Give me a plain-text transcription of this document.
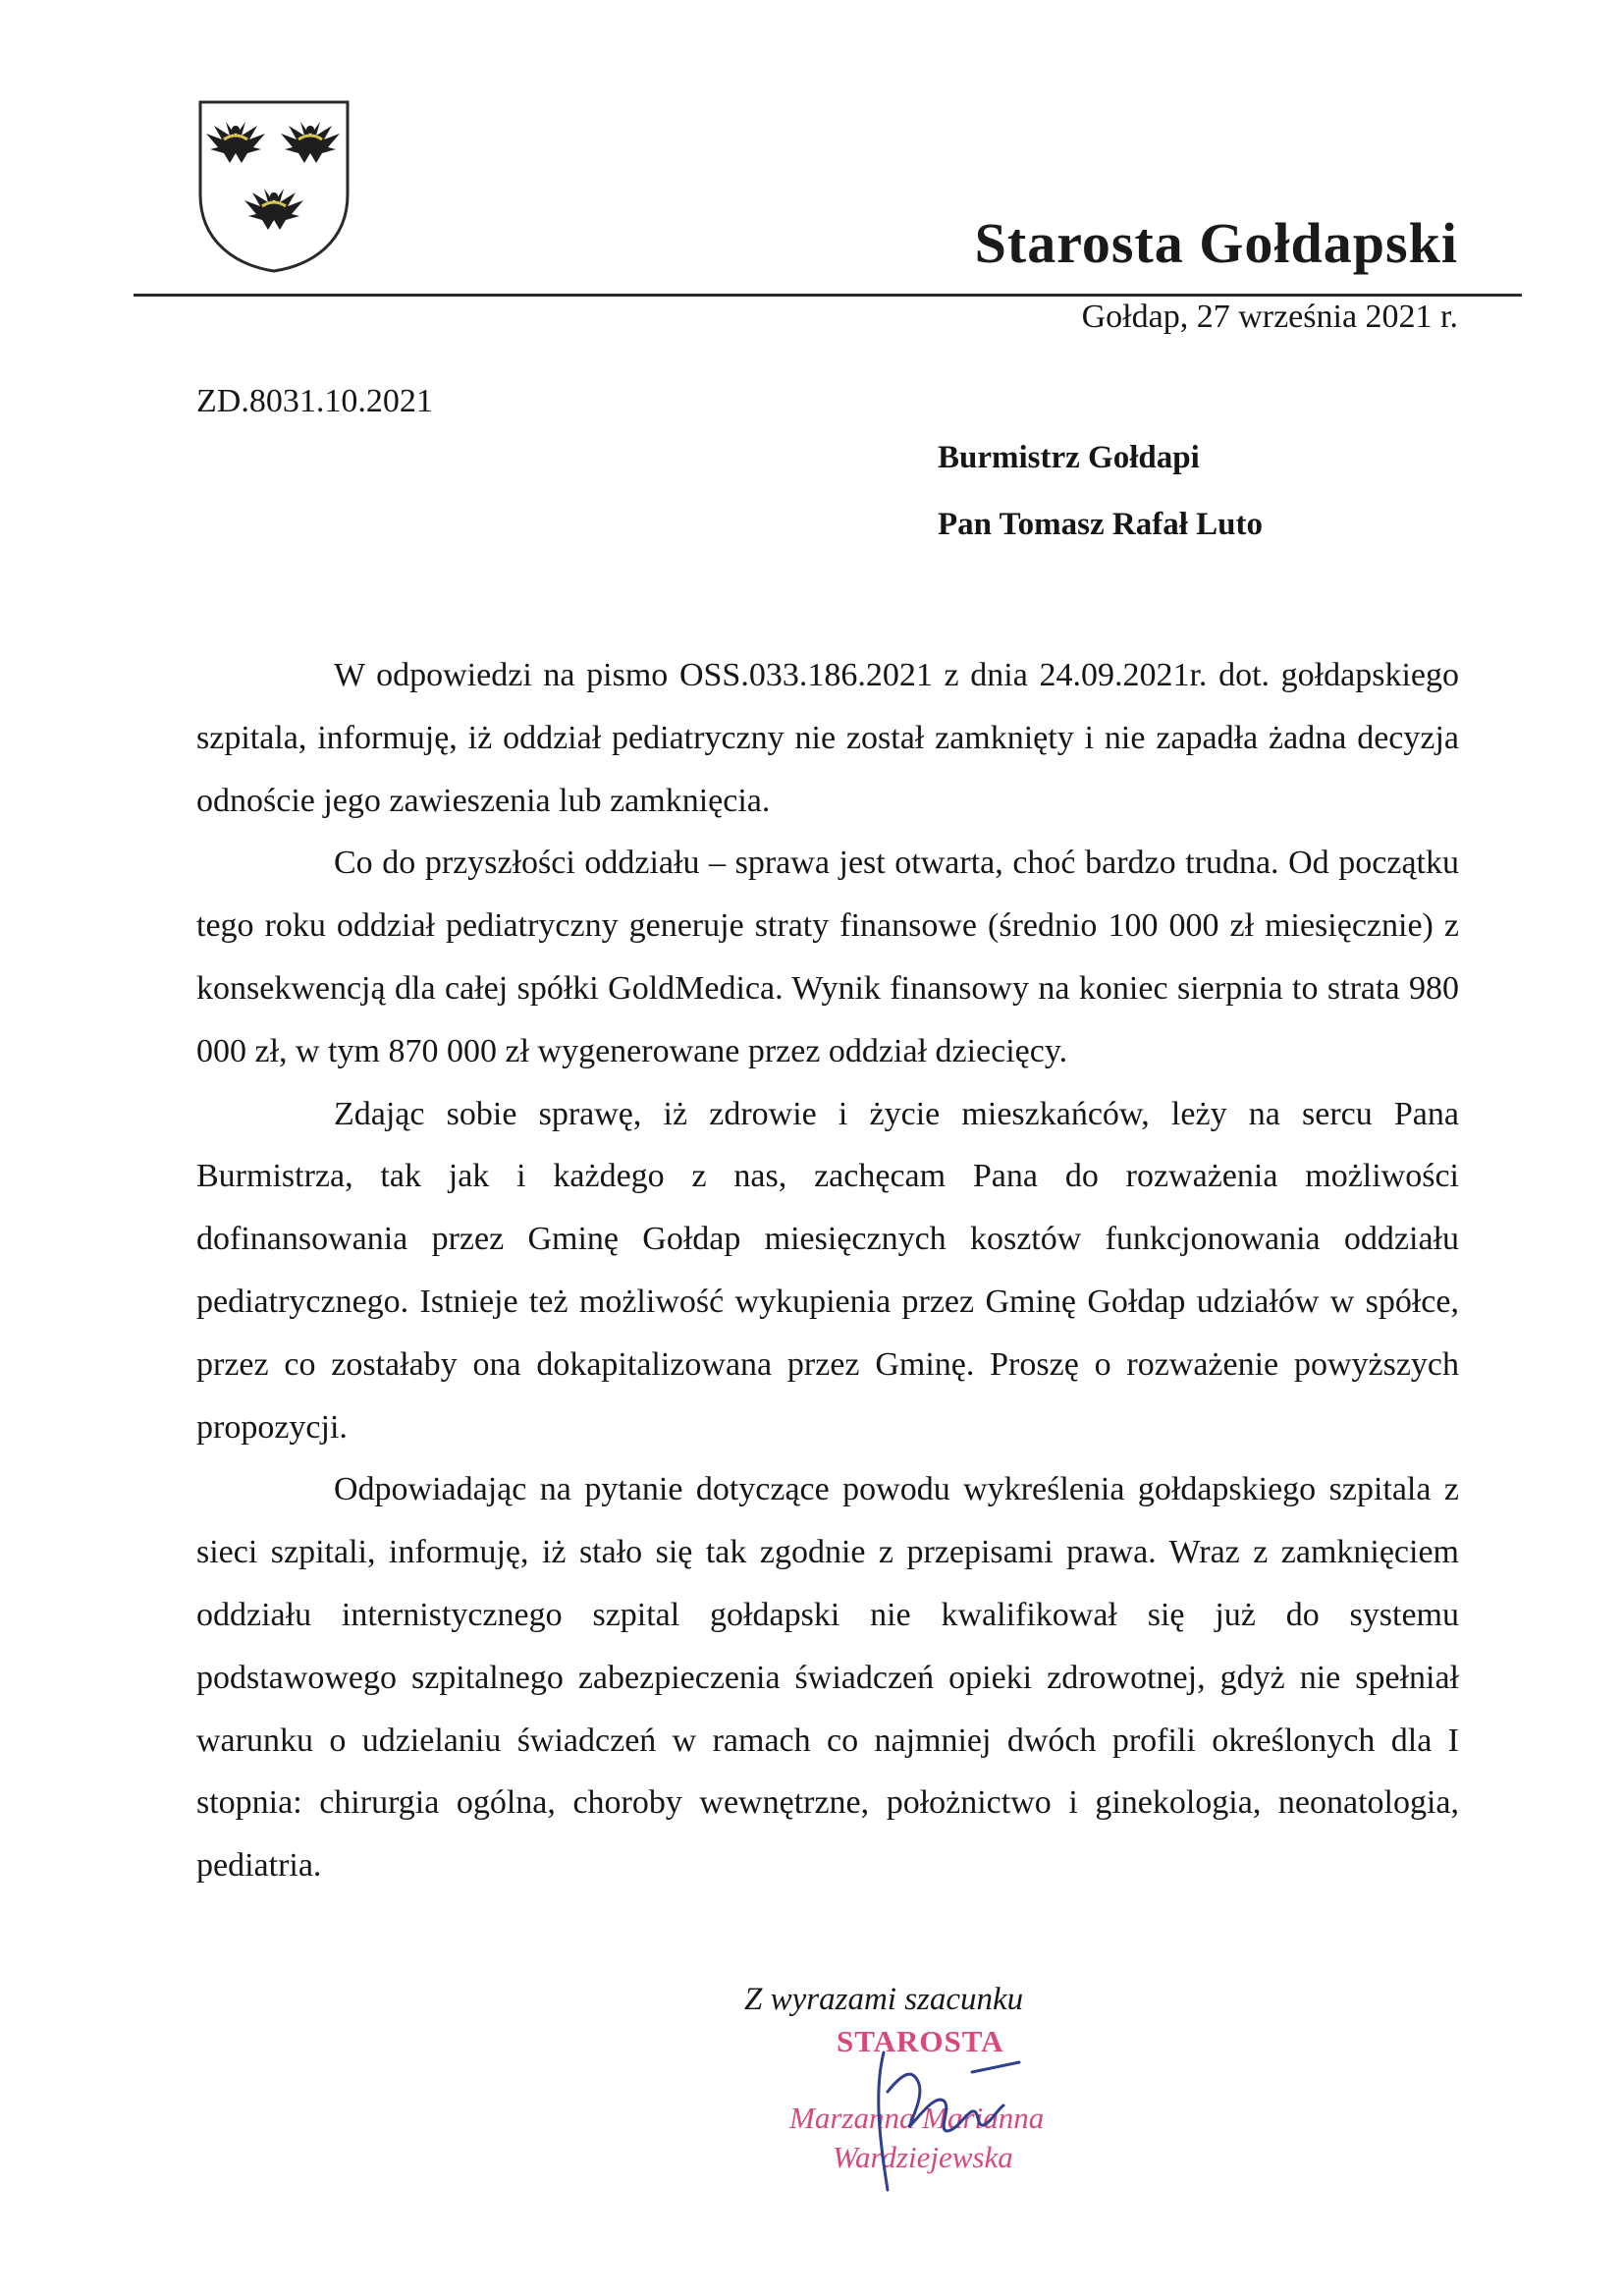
Starosta Gołdapski
Gołdap, 27 września 2021 r.
ZD.8031.10.2021
Burmistrz Gołdapi
Pan Tomasz Rafał Luto

W odpowiedzi na pismo OSS.033.186.2021 z dnia 24.09.2021r. dot. gołdapskiego szpitala, informuję, iż oddział pediatryczny nie został zamknięty i nie zapadła żadna decyzja odnoście jego zawieszenia lub zamknięcia.

Co do przyszłości oddziału – sprawa jest otwarta, choć bardzo trudna. Od początku tego roku oddział pediatryczny generuje straty finansowe (średnio 100 000 zł miesięcznie) z konsekwencją dla całej spółki GoldMedica. Wynik finansowy na koniec sierpnia to strata 980 000 zł, w tym 870 000 zł wygenerowane przez oddział dziecięcy.

Zdając sobie sprawę, iż zdrowie i życie mieszkańców, leży na sercu Pana Burmistrza, tak jak i każdego z nas, zachęcam Pana do rozważenia możliwości dofinansowania przez Gminę Gołdap miesięcznych kosztów funkcjonowania oddziału pediatrycznego. Istnieje też możliwość wykupienia przez Gminę Gołdap udziałów w spółce, przez co zostałaby ona dokapitalizowana przez Gminę. Proszę o rozważenie powyższych propozycji.

Odpowiadając na pytanie dotyczące powodu wykreślenia gołdapskiego szpitala z sieci szpitali, informuję, iż stało się tak zgodnie z przepisami prawa. Wraz z zamknięciem oddziału internistycznego szpital gołdapski nie kwalifikował się już do systemu podstawowego szpitalnego zabezpieczenia świadczeń opieki zdrowotnej, gdyż nie spełniał warunku o udzielaniu świadczeń w ramach co najmniej dwóch profili określonych dla I stopnia: chirurgia ogólna, choroby wewnętrzne, położnictwo i ginekologia, neonatologia, pediatria.

Z wyrazami szacunku
STAROSTA
Marzanna Marianna
Wardziejewska
